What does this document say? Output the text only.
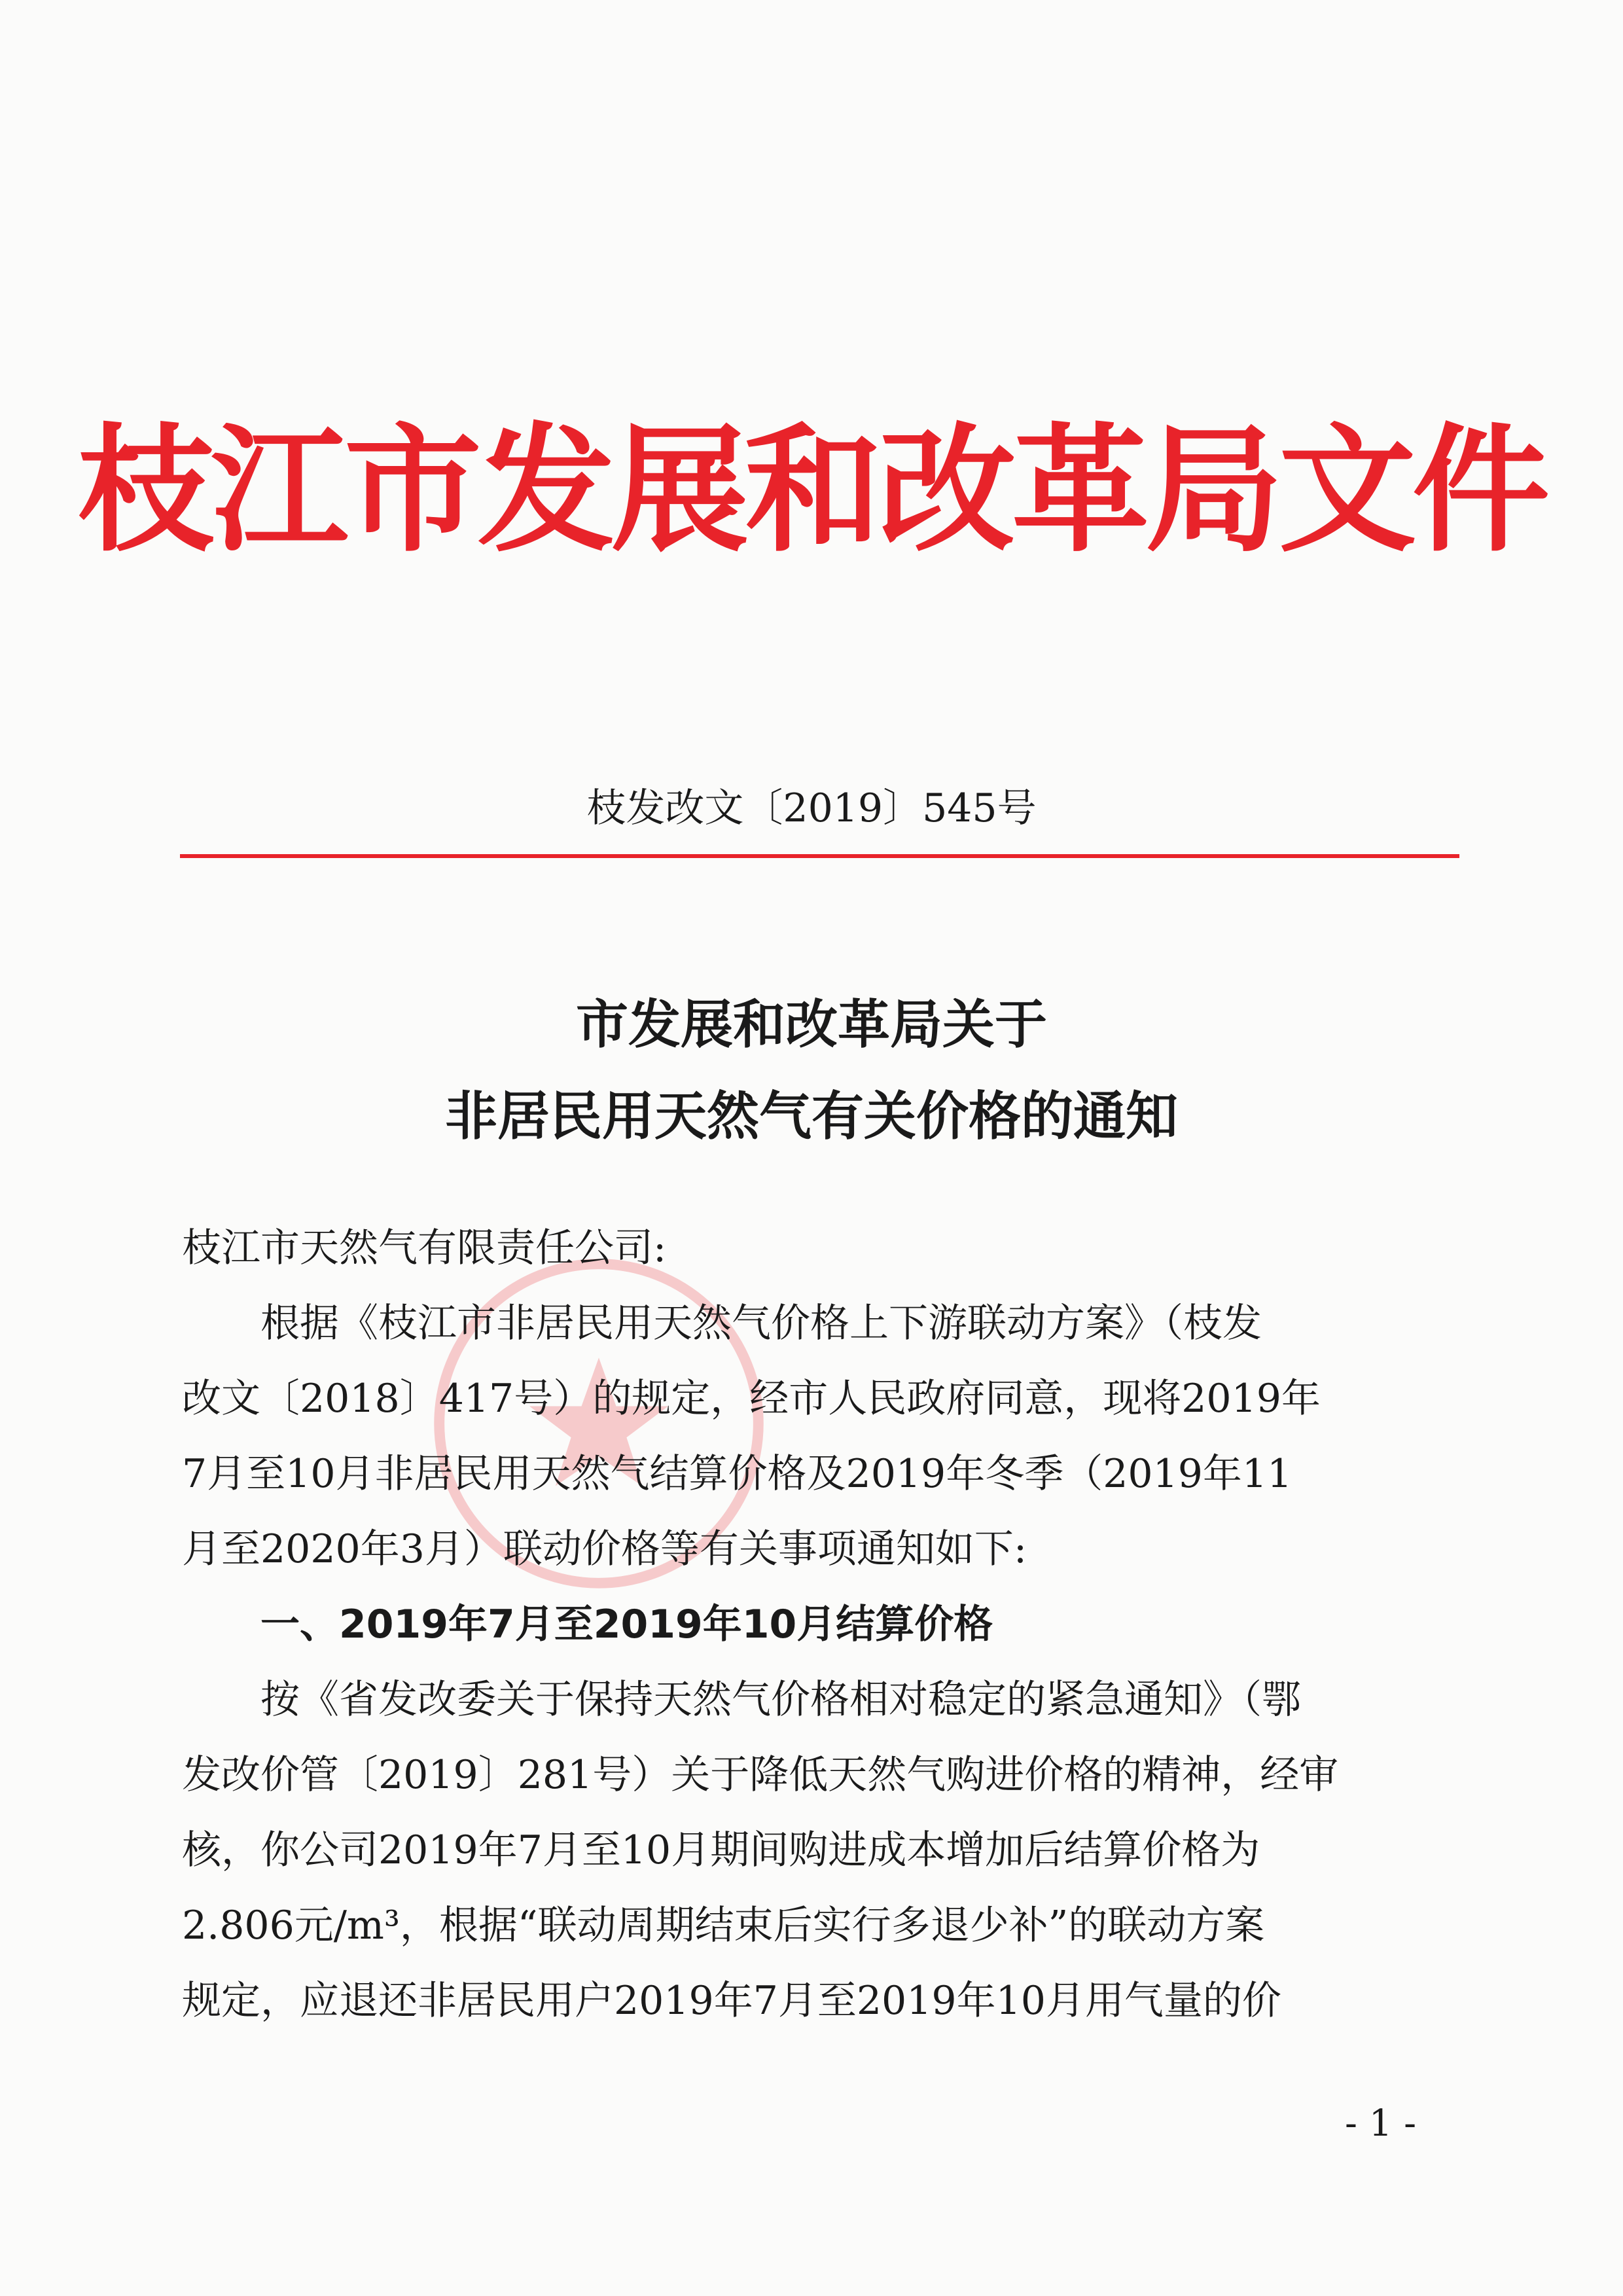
枝江市发展和改革局文件
枝发改文〔2019〕545号
市发展和改革局关于
非居民用天然气有关价格的通知

枝江市天然气有限责任公司:

根据《枝江市非居民用天然气价格上下游联动方案》（枝发
改文〔2018〕417号）的规定，经市人民政府同意，现将2019年
7月至10月非居民用天然气结算价格及2019年冬季（2019年11
月至2020年3月）联动价格等有关事项通知如下:
一、2019年7月至2019年10月结算价格
按《省发改委关于保持天然气价格相对稳定的紧急通知》（鄂
发改价管〔2019〕281号）关于降低天然气购进价格的精神，经审
核，你公司2019年7月至10月期间购进成本增加后结算价格为
2.806元/m³，根据“联动周期结束后实行多退少补”的联动方案
规定，应退还非居民用户2019年7月至2019年10月用气量的价
- 1 -
